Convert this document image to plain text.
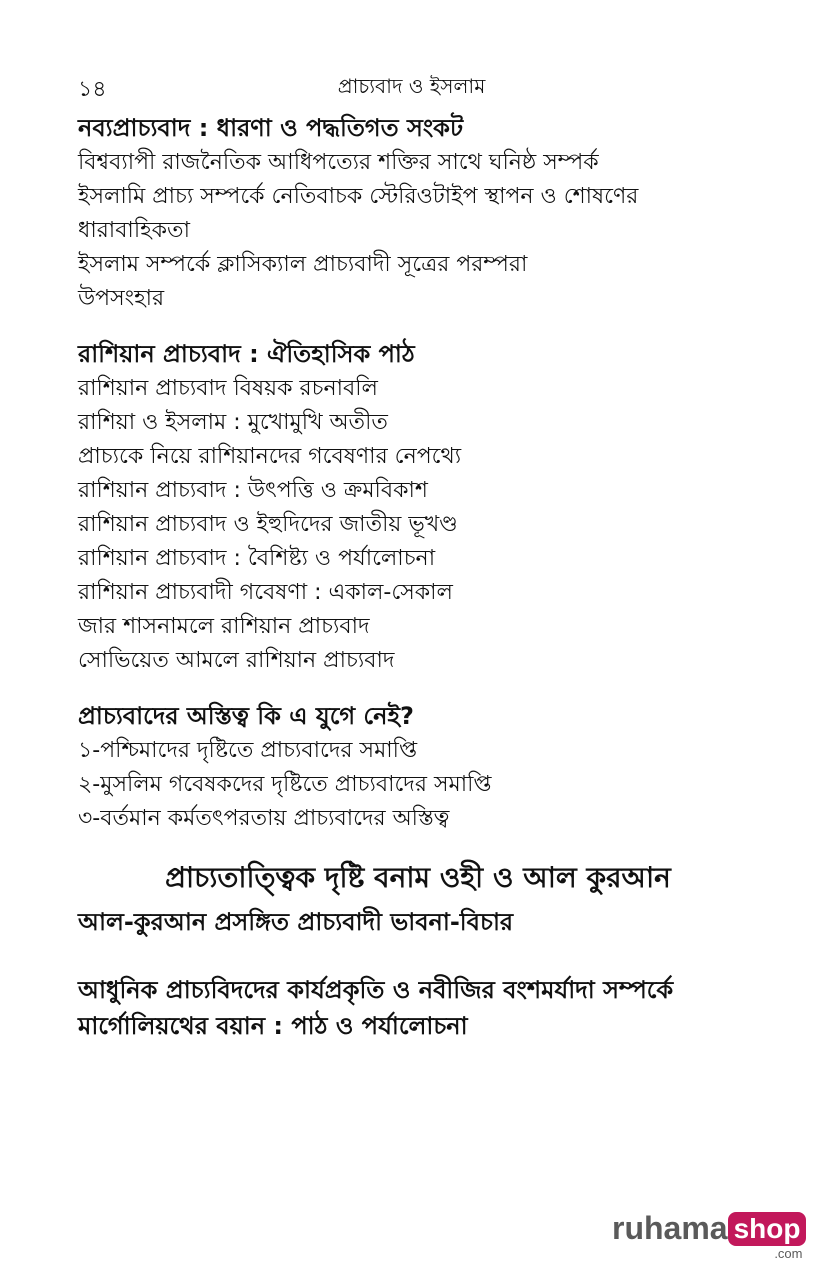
১৪	প্রাচ্যবাদ ও ইসলাম

নব্যপ্রাচ্যবাদ : ধারণা ও পদ্ধতিগত সংকট

বিশ্বব্যাপী রাজনৈতিক আধিপত্যের শক্তির সাথে ঘনিষ্ঠ সম্পর্ক
ইসলামি প্রাচ্য সম্পর্কে নেতিবাচক স্টেরিওটাইপ স্থাপন ও শোষণের
ধারাবাহিকতা
ইসলাম সম্পর্কে ক্লাসিক্যাল প্রাচ্যবাদী সূত্রের পরম্পরা
উপসংহার

রাশিয়ান প্রাচ্যবাদ : ঐতিহাসিক পাঠ

রাশিয়ান প্রাচ্যবাদ বিষয়ক রচনাবলি
রাশিয়া ও ইসলাম : মুখোমুখি অতীত
প্রাচ্যকে নিয়ে রাশিয়ানদের গবেষণার নেপথ্যে
রাশিয়ান প্রাচ্যবাদ : উৎপত্তি ও ক্রমবিকাশ
রাশিয়ান প্রাচ্যবাদ ও ইহুদিদের জাতীয় ভূখণ্ড
রাশিয়ান প্রাচ্যবাদ : বৈশিষ্ট্য ও পর্যালোচনা
রাশিয়ান প্রাচ্যবাদী গবেষণা : একাল-সেকাল
জার শাসনামলে রাশিয়ান প্রাচ্যবাদ
সোভিয়েত আমলে রাশিয়ান প্রাচ্যবাদ

প্রাচ্যবাদের অস্তিত্ব কি এ যুগে নেই?

১-পশ্চিমাদের দৃষ্টিতে প্রাচ্যবাদের সমাপ্তি
২-মুসলিম গবেষকদের দৃষ্টিতে প্রাচ্যবাদের সমাপ্তি
৩-বর্তমান কর্মতৎপরতায় প্রাচ্যবাদের অস্তিত্ব

প্রাচ্যতাত্ত্বিক দৃষ্টি বনাম ওহী ও আল কুরআন

আল-কুরআন প্রসঙ্গিত প্রাচ্যবাদী ভাবনা-বিচার

আধুনিক প্রাচ্যবিদদের কার্যপ্রকৃতি ও নবীজির বংশমর্যাদা সম্পর্কে

মার্গোলিয়থের বয়ান : পাঠ ও পর্যালোচনা

ruhama shop
.com
